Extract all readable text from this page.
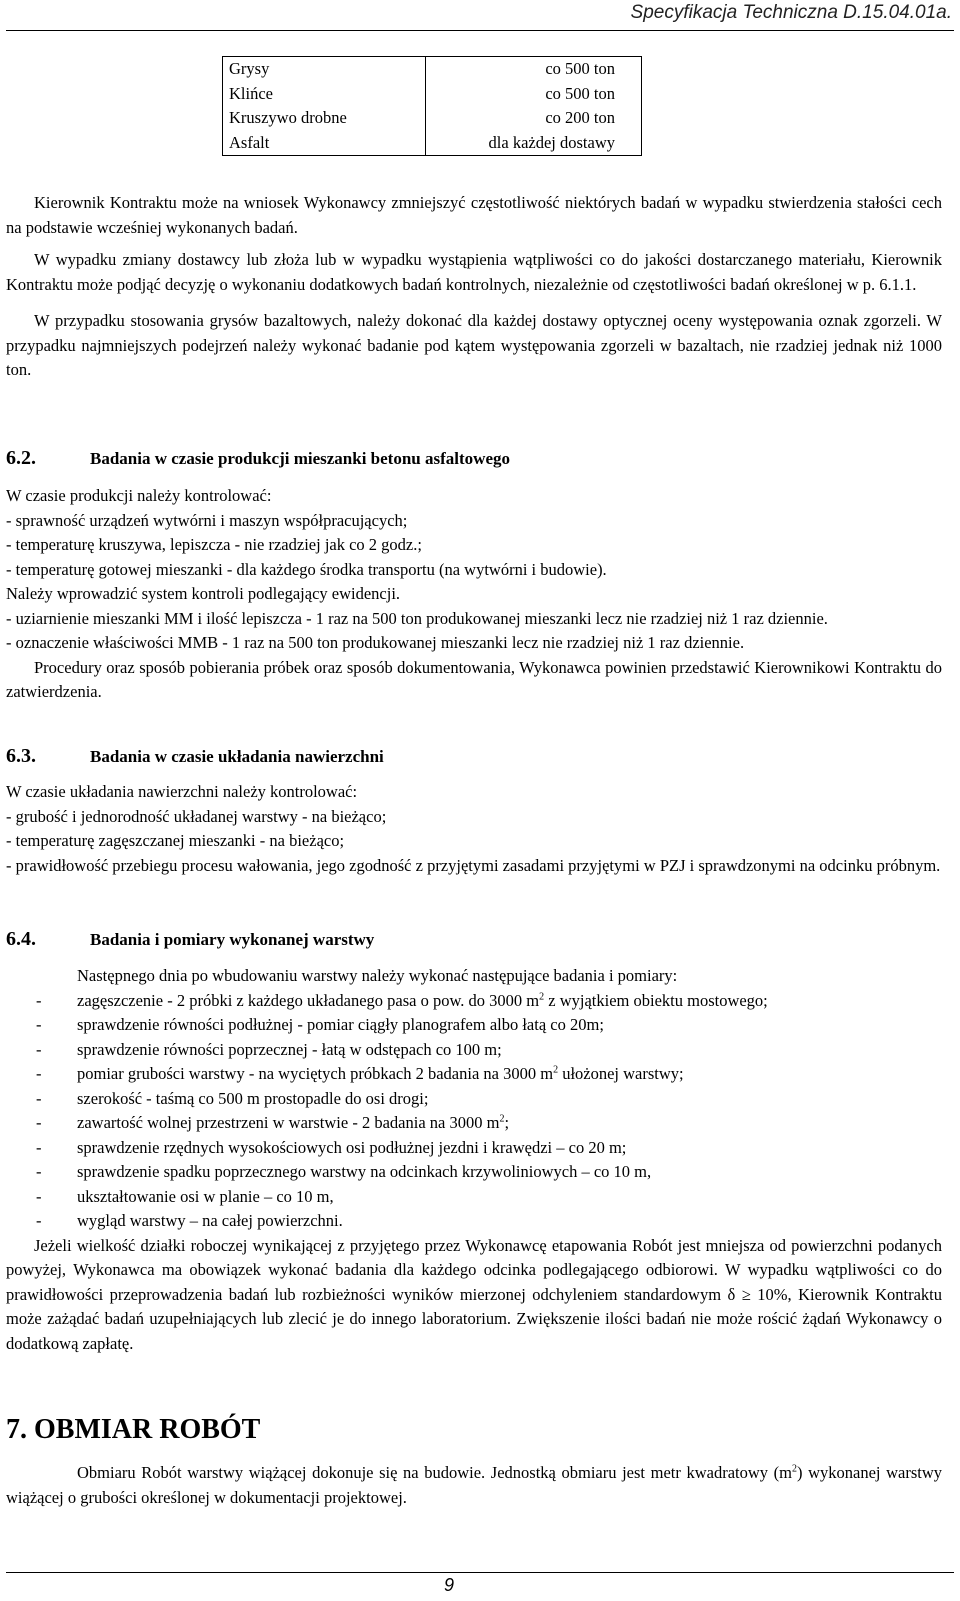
Specyfikacja Techniczna D.15.04.01a.
Grysy	co 500 ton
Klińce	co 500 ton
Kruszywo drobne	co 200 ton
Asfalt	dla każdej dostawy

Kierownik Kontraktu może na wniosek Wykonawcy zmniejszyć częstotliwość niektórych badań w wypadku stwierdzenia stałości cech na podstawie wcześniej wykonanych badań.

W wypadku zmiany dostawcy lub złoża lub w wypadku wystąpienia wątpliwości co do jakości dostarczanego materiału, Kierownik Kontraktu może podjąć decyzję o wykonaniu dodatkowych badań kontrolnych, niezależnie od częstotliwości badań określonej w p. 6.1.1.

W przypadku stosowania grysów bazaltowych, należy dokonać dla każdej dostawy optycznej oceny występowania oznak zgorzeli. W przypadku najmniejszych podejrzeń należy wykonać badanie pod kątem występowania zgorzeli w bazaltach, nie rzadziej jednak niż 1000 ton.

6.2.	Badania w czasie produkcji mieszanki betonu asfaltowego

W czasie produkcji należy kontrolować:

- sprawność urządzeń wytwórni i maszyn współpracujących;

- temperaturę kruszywa, lepiszcza - nie rzadziej jak co 2 godz.;

- temperaturę gotowej mieszanki - dla każdego środka transportu (na wytwórni i budowie).

Należy wprowadzić system kontroli podlegający ewidencji.

- uziarnienie mieszanki MM i ilość lepiszcza - 1 raz na 500 ton produkowanej mieszanki lecz nie rzadziej niż 1 raz dziennie.

- oznaczenie właściwości MMB - 1 raz na 500 ton produkowanej mieszanki lecz nie rzadziej niż 1 raz dziennie.

Procedury oraz sposób pobierania próbek oraz sposób dokumentowania, Wykonawca powinien przedstawić Kierownikowi Kontraktu do zatwierdzenia.

6.3.	Badania w czasie układania nawierzchni

W czasie układania nawierzchni należy kontrolować:

- grubość i jednorodność układanej warstwy - na bieżąco;

- temperaturę zagęszczanej mieszanki - na bieżąco;

- prawidłowość przebiegu procesu wałowania, jego zgodność z przyjętymi zasadami przyjętymi w PZJ i sprawdzonymi na odcinku próbnym.

6.4.	Badania i pomiary wykonanej warstwy

Następnego dnia po wbudowaniu warstwy należy wykonać następujące badania i pomiary:

- zagęszczenie - 2 próbki z każdego układanego pasa o pow. do 3000 $m^2$ z wyjątkiem obiektu mostowego;
- sprawdzenie równości podłużnej - pomiar ciągły planografem albo łatą co 20m;
- sprawdzenie równości poprzecznej - łatą w odstępach co 100 m;
- pomiar grubości warstwy - na wyciętych próbkach 2 badania na 3000 $m^2$ ułożonej warstwy;
- szerokość - taśmą co 500 m prostopadle do osi drogi;
- zawartość wolnej przestrzeni w warstwie - 2 badania na 3000 $m^2$;
- sprawdzenie rzędnych wysokościowych osi podłużnej jezdni i krawędzi – co 20 m;
- sprawdzenie spadku poprzecznego warstwy na odcinkach krzywoliniowych – co 10 m,
- ukształtowanie osi w planie – co 10 m,
- wygląd warstwy – na całej powierzchni.

Jeżeli wielkość działki roboczej wynikającej z przyjętego przez Wykonawcę etapowania Robót jest mniejsza od powierzchni podanych powyżej, Wykonawca ma obowiązek wykonać badania dla każdego odcinka podlegającego odbiorowi. W wypadku wątpliwości co do prawidłowości przeprowadzenia badań lub rozbieżności wyników mierzonej odchyleniem standardowym δ ≥ 10%, Kierownik Kontraktu może zażądać badań uzupełniających lub zlecić je do innego laboratorium. Zwiększenie ilości badań nie może rościć żądań Wykonawcy o dodatkową zapłatę.

7. OBMIAR ROBÓT

Obmiaru Robót warstwy wiążącej dokonuje się na budowie. Jednostką obmiaru jest metr kwadratowy $(m^2)$ wykonanej warstwy wiążącej o grubości określonej w dokumentacji projektowej.

9
